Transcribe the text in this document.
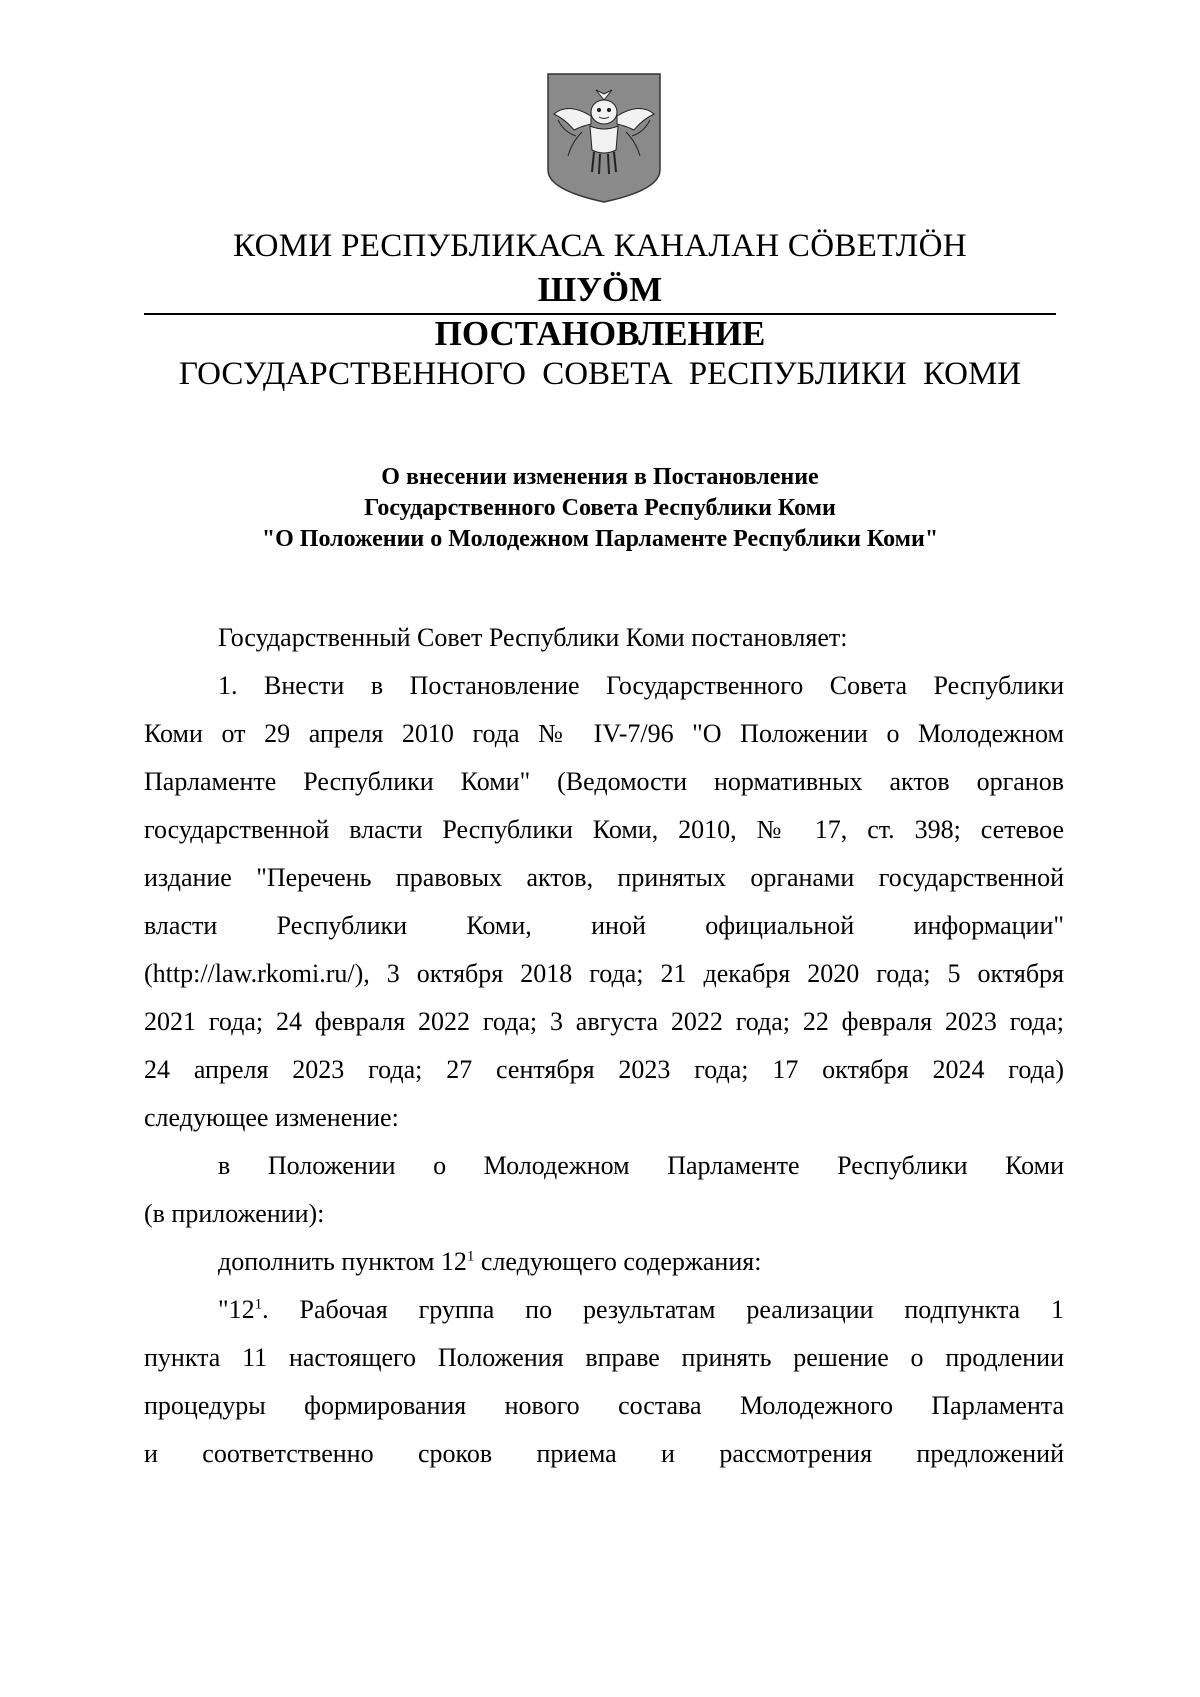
КОМИ РЕСПУБЛИКАСА КАНАЛАН СӦВЕТЛӦН
ШУӦМ
ПОСТАНОВЛЕНИЕ
ГОСУДАРСТВЕННОГО СОВЕТА РЕСПУБЛИКИ КОМИ
О внесении изменения в Постановление
Государственного Совета Республики Коми
"О Положении о Молодежном Парламенте Республики Коми"
Государственный Совет Республики Коми постановляет:
1. Внести в Постановление Государственного Совета Республики
Коми от 29 апреля 2010 года № IV-7/96 "О Положении о Молодежном
Парламенте Республики Коми" (Ведомости нормативных актов органов
государственной власти Республики Коми, 2010, № 17, ст. 398; сетевое
издание "Перечень правовых актов, принятых органами государственной
власти Республики Коми, иной официальной информации"
(http://law.rkomi.ru/), 3 октября 2018 года; 21 декабря 2020 года; 5 октября
2021 года; 24 февраля 2022 года; 3 августа 2022 года; 22 февраля 2023 года;
24 апреля 2023 года; 27 сентября 2023 года; 17 октября 2024 года)
следующее изменение:
в Положении о Молодежном Парламенте Республики Коми
(в приложении):
дополнить пунктом $12^1$ следующего содержания:
"$12^1$. Рабочая группа по результатам реализации подпункта 1
пункта 11 настоящего Положения вправе принять решение о продлении
процедуры формирования нового состава Молодежного Парламента
и соответственно сроков приема и рассмотрения предложений
